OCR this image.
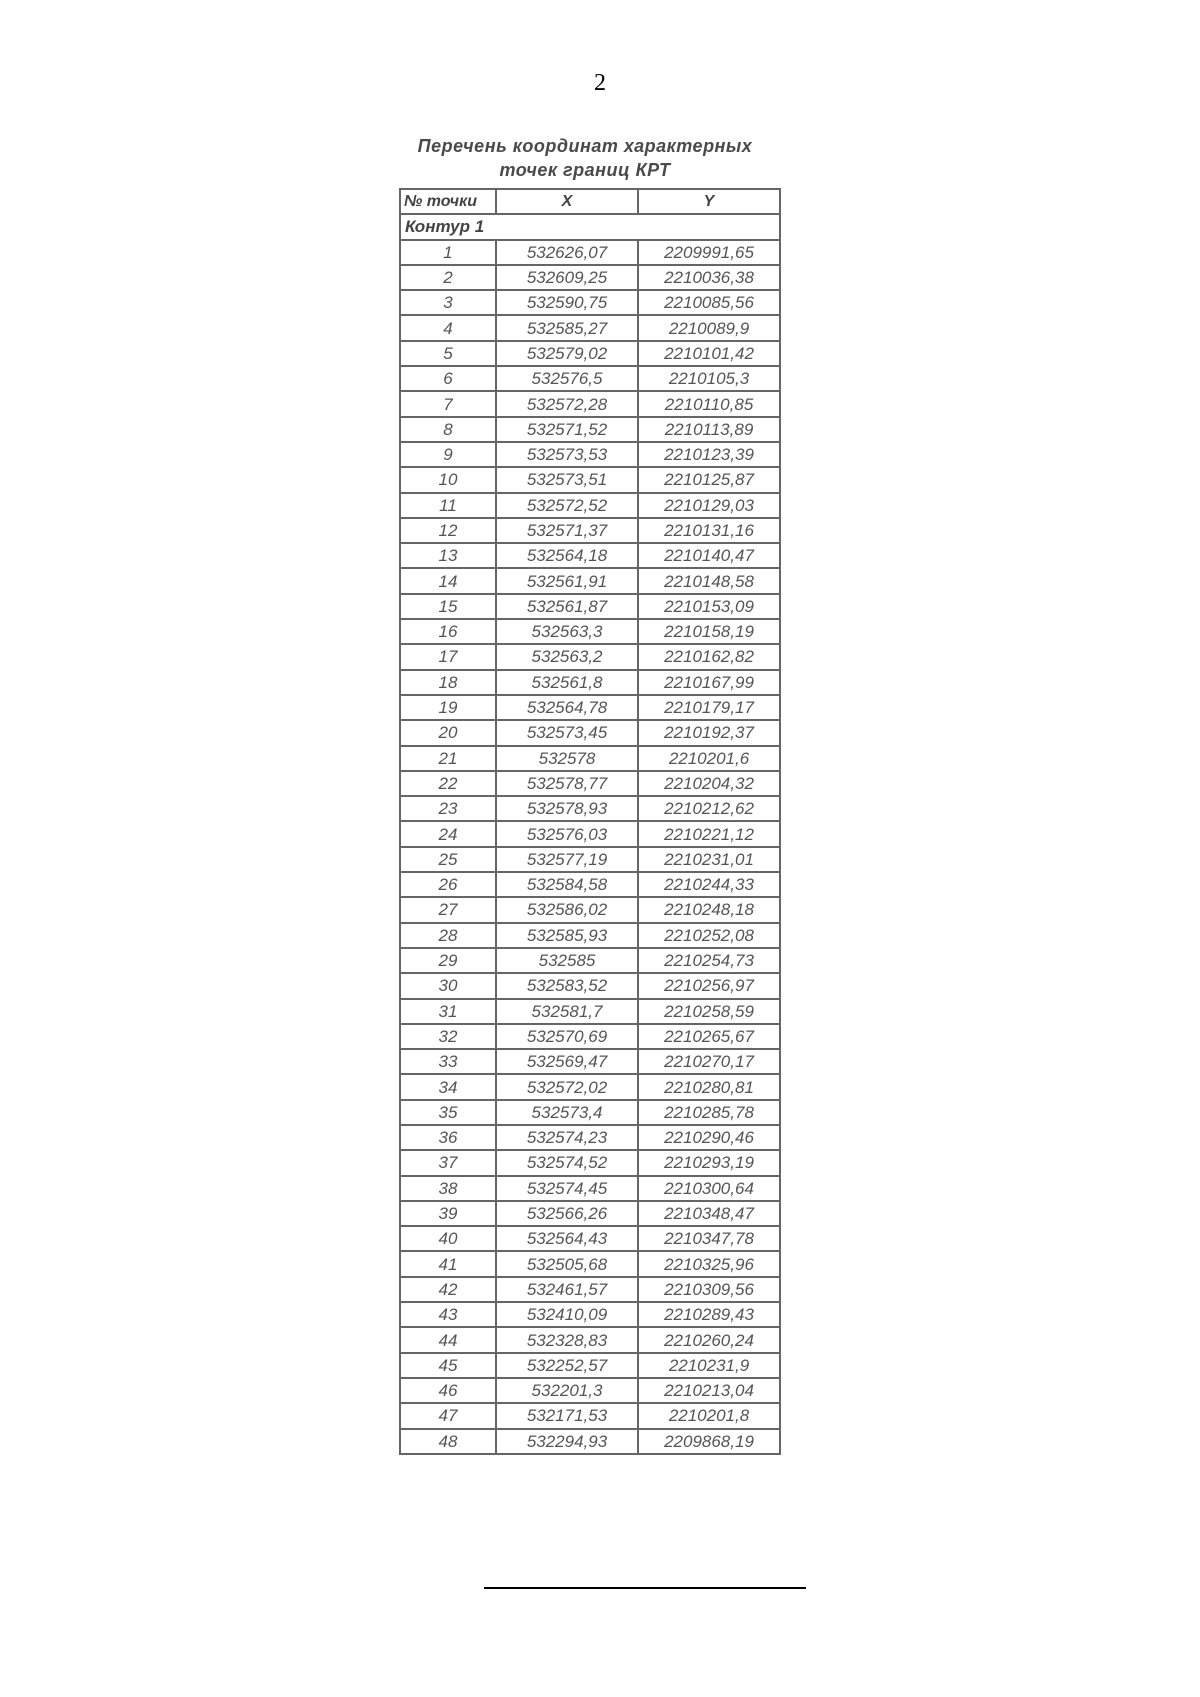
2
Перечень координат характерных
точек границ КРТ
№ точки	X	Y
Контур 1		
1	532626,07	2209991,65
2	532609,25	2210036,38
3	532590,75	2210085,56
4	532585,27	2210089,9
5	532579,02	2210101,42
6	532576,5	2210105,3
7	532572,28	2210110,85
8	532571,52	2210113,89
9	532573,53	2210123,39
10	532573,51	2210125,87
11	532572,52	2210129,03
12	532571,37	2210131,16
13	532564,18	2210140,47
14	532561,91	2210148,58
15	532561,87	2210153,09
16	532563,3	2210158,19
17	532563,2	2210162,82
18	532561,8	2210167,99
19	532564,78	2210179,17
20	532573,45	2210192,37
21	532578	2210201,6
22	532578,77	2210204,32
23	532578,93	2210212,62
24	532576,03	2210221,12
25	532577,19	2210231,01
26	532584,58	2210244,33
27	532586,02	2210248,18
28	532585,93	2210252,08
29	532585	2210254,73
30	532583,52	2210256,97
31	532581,7	2210258,59
32	532570,69	2210265,67
33	532569,47	2210270,17
34	532572,02	2210280,81
35	532573,4	2210285,78
36	532574,23	2210290,46
37	532574,52	2210293,19
38	532574,45	2210300,64
39	532566,26	2210348,47
40	532564,43	2210347,78
41	532505,68	2210325,96
42	532461,57	2210309,56
43	532410,09	2210289,43
44	532328,83	2210260,24
45	532252,57	2210231,9
46	532201,3	2210213,04
47	532171,53	2210201,8
48	532294,93	2209868,19
